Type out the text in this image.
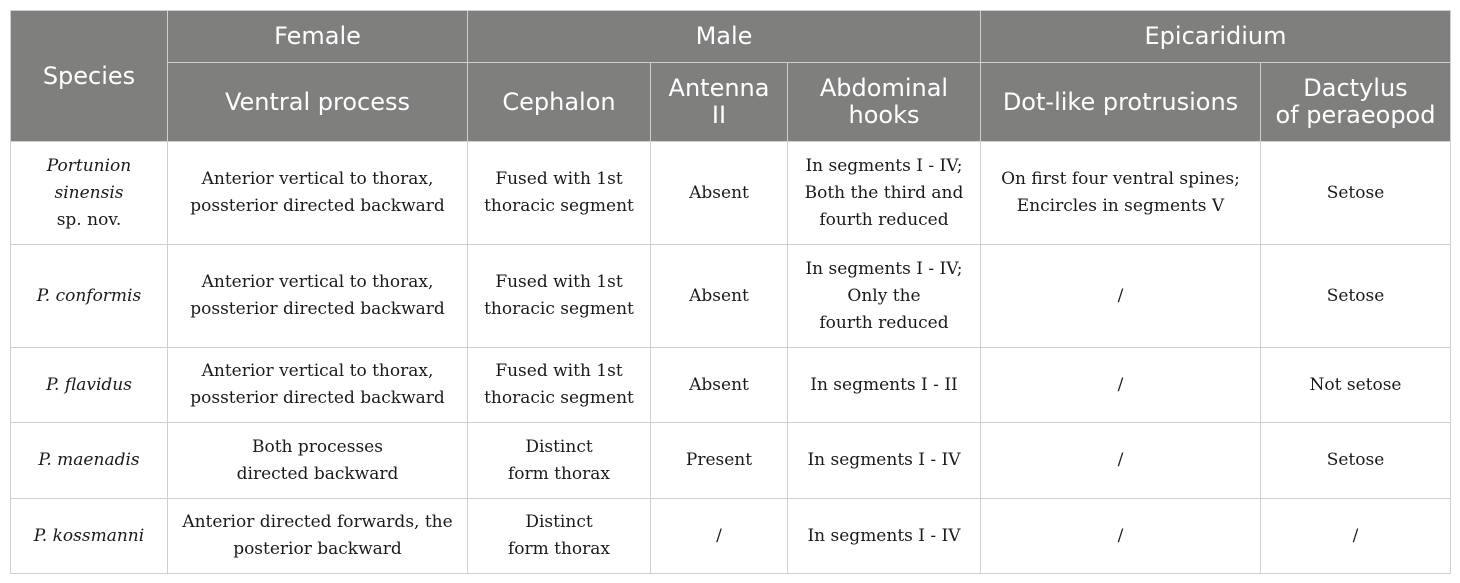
Species	Female	Male			Epicaridium	
	Ventral process	Cephalon	Antenna
II	Abdominal
hooks	Dot-like protrusions	Dactylus
of peraeopod
Portunion
sinensis
sp. nov.	Anterior vertical to thorax,
possterior directed backward	Fused with 1st
thoracic segment	Absent	In segments I - IV;
Both the third and
fourth reduced	On first four ventral spines;
Encircles in segments V	Setose
P. conformis	Anterior vertical to thorax,
possterior directed backward	Fused with 1st
thoracic segment	Absent	In segments I - IV;
Only the
fourth reduced	/	Setose
P. flavidus	Anterior vertical to thorax,
possterior directed backward	Fused with 1st
thoracic segment	Absent	In segments I - II	/	Not setose
P. maenadis	Both processes
directed backward	Distinct
form thorax	Present	In segments I - IV	/	Setose
P. kossmanni	Anterior directed forwards, the
posterior backward	Distinct
form thorax	/	In segments I - IV	/	/
